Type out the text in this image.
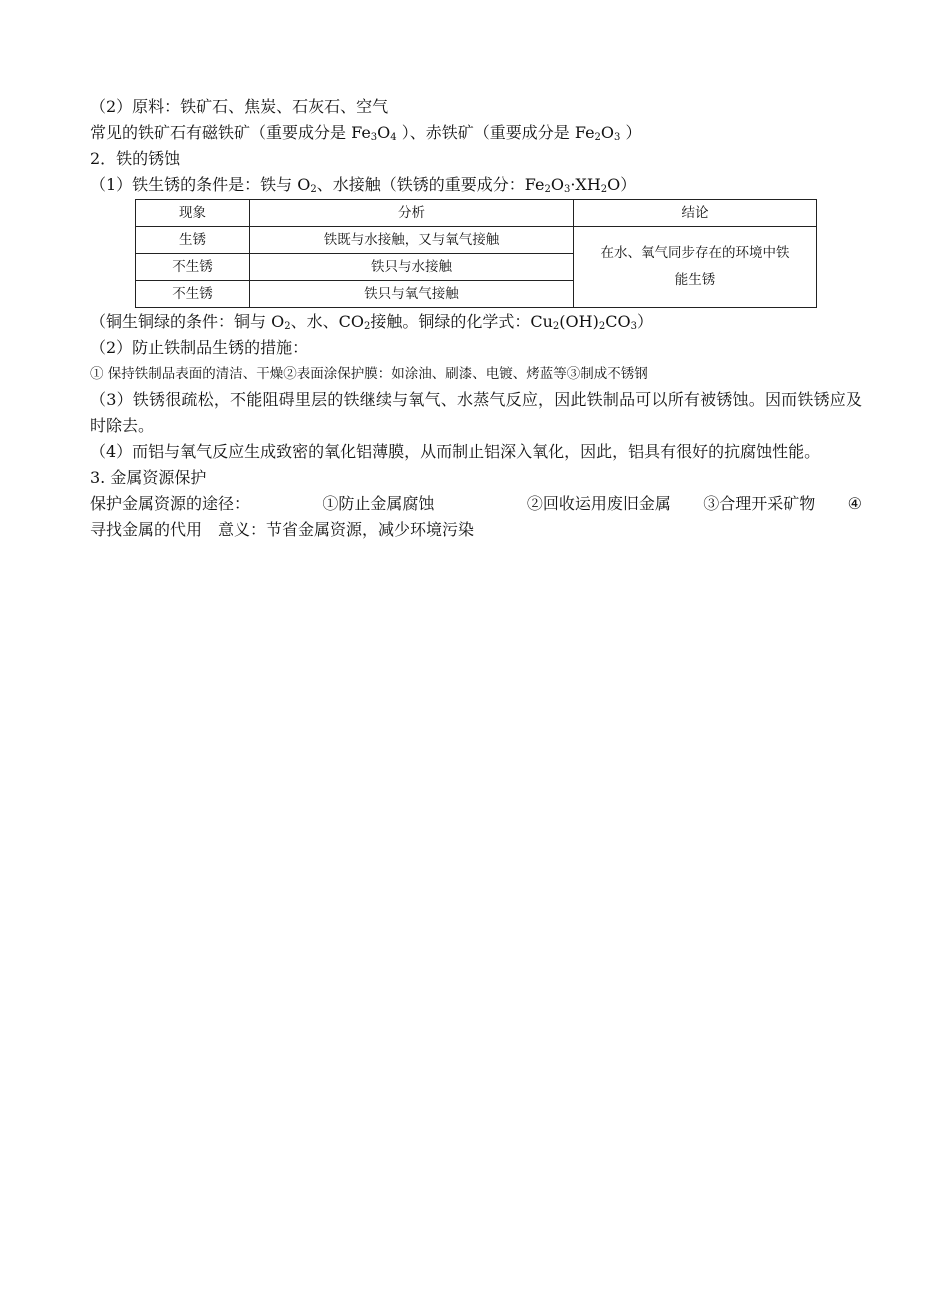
（2）原料：铁矿石、焦炭、石灰石、空气
常见的铁矿石有磁铁矿（重要成分是 $Fe_3O_4$ ）、赤铁矿（重要成分是 $Fe_2O_3$ ）
2．铁的锈蚀
（1）铁生锈的条件是：铁与 $O_2$、水接触（铁锈的重要成分：$Fe_2O_3\cdot XH_2O$）
现象	分析	结论
生锈	铁既与水接触，又与氧气接触	在水、氧气同步存在的环境中铁
能生锈
不生锈	铁只与水接触	
不生锈	铁只与氧气接触	
（铜生铜绿的条件：铜与 $O_2$、水、$CO_2$接触。铜绿的化学式：$Cu_2(OH)_2CO_3$）
（2）防止铁制品生锈的措施：
① 保持铁制品表面的清洁、干燥②表面涂保护膜：如涂油、刷漆、电镀、烤蓝等③制成不锈钢
（3）铁锈很疏松，不能阻碍里层的铁继续与氧气、水蒸气反应，因此铁制品可以所有被锈蚀。因而铁锈应及时除去。
（4）而铝与氧气反应生成致密的氧化铝薄膜，从而制止铝深入氧化，因此，铝具有很好的抗腐蚀性能。
3. 金属资源保护
保护金属资源的途径：	①防止金属腐蚀	②回收运用废旧金属 ③合理开采矿物 ④
寻找金属的代用 意义：节省金属资源，减少环境污染
